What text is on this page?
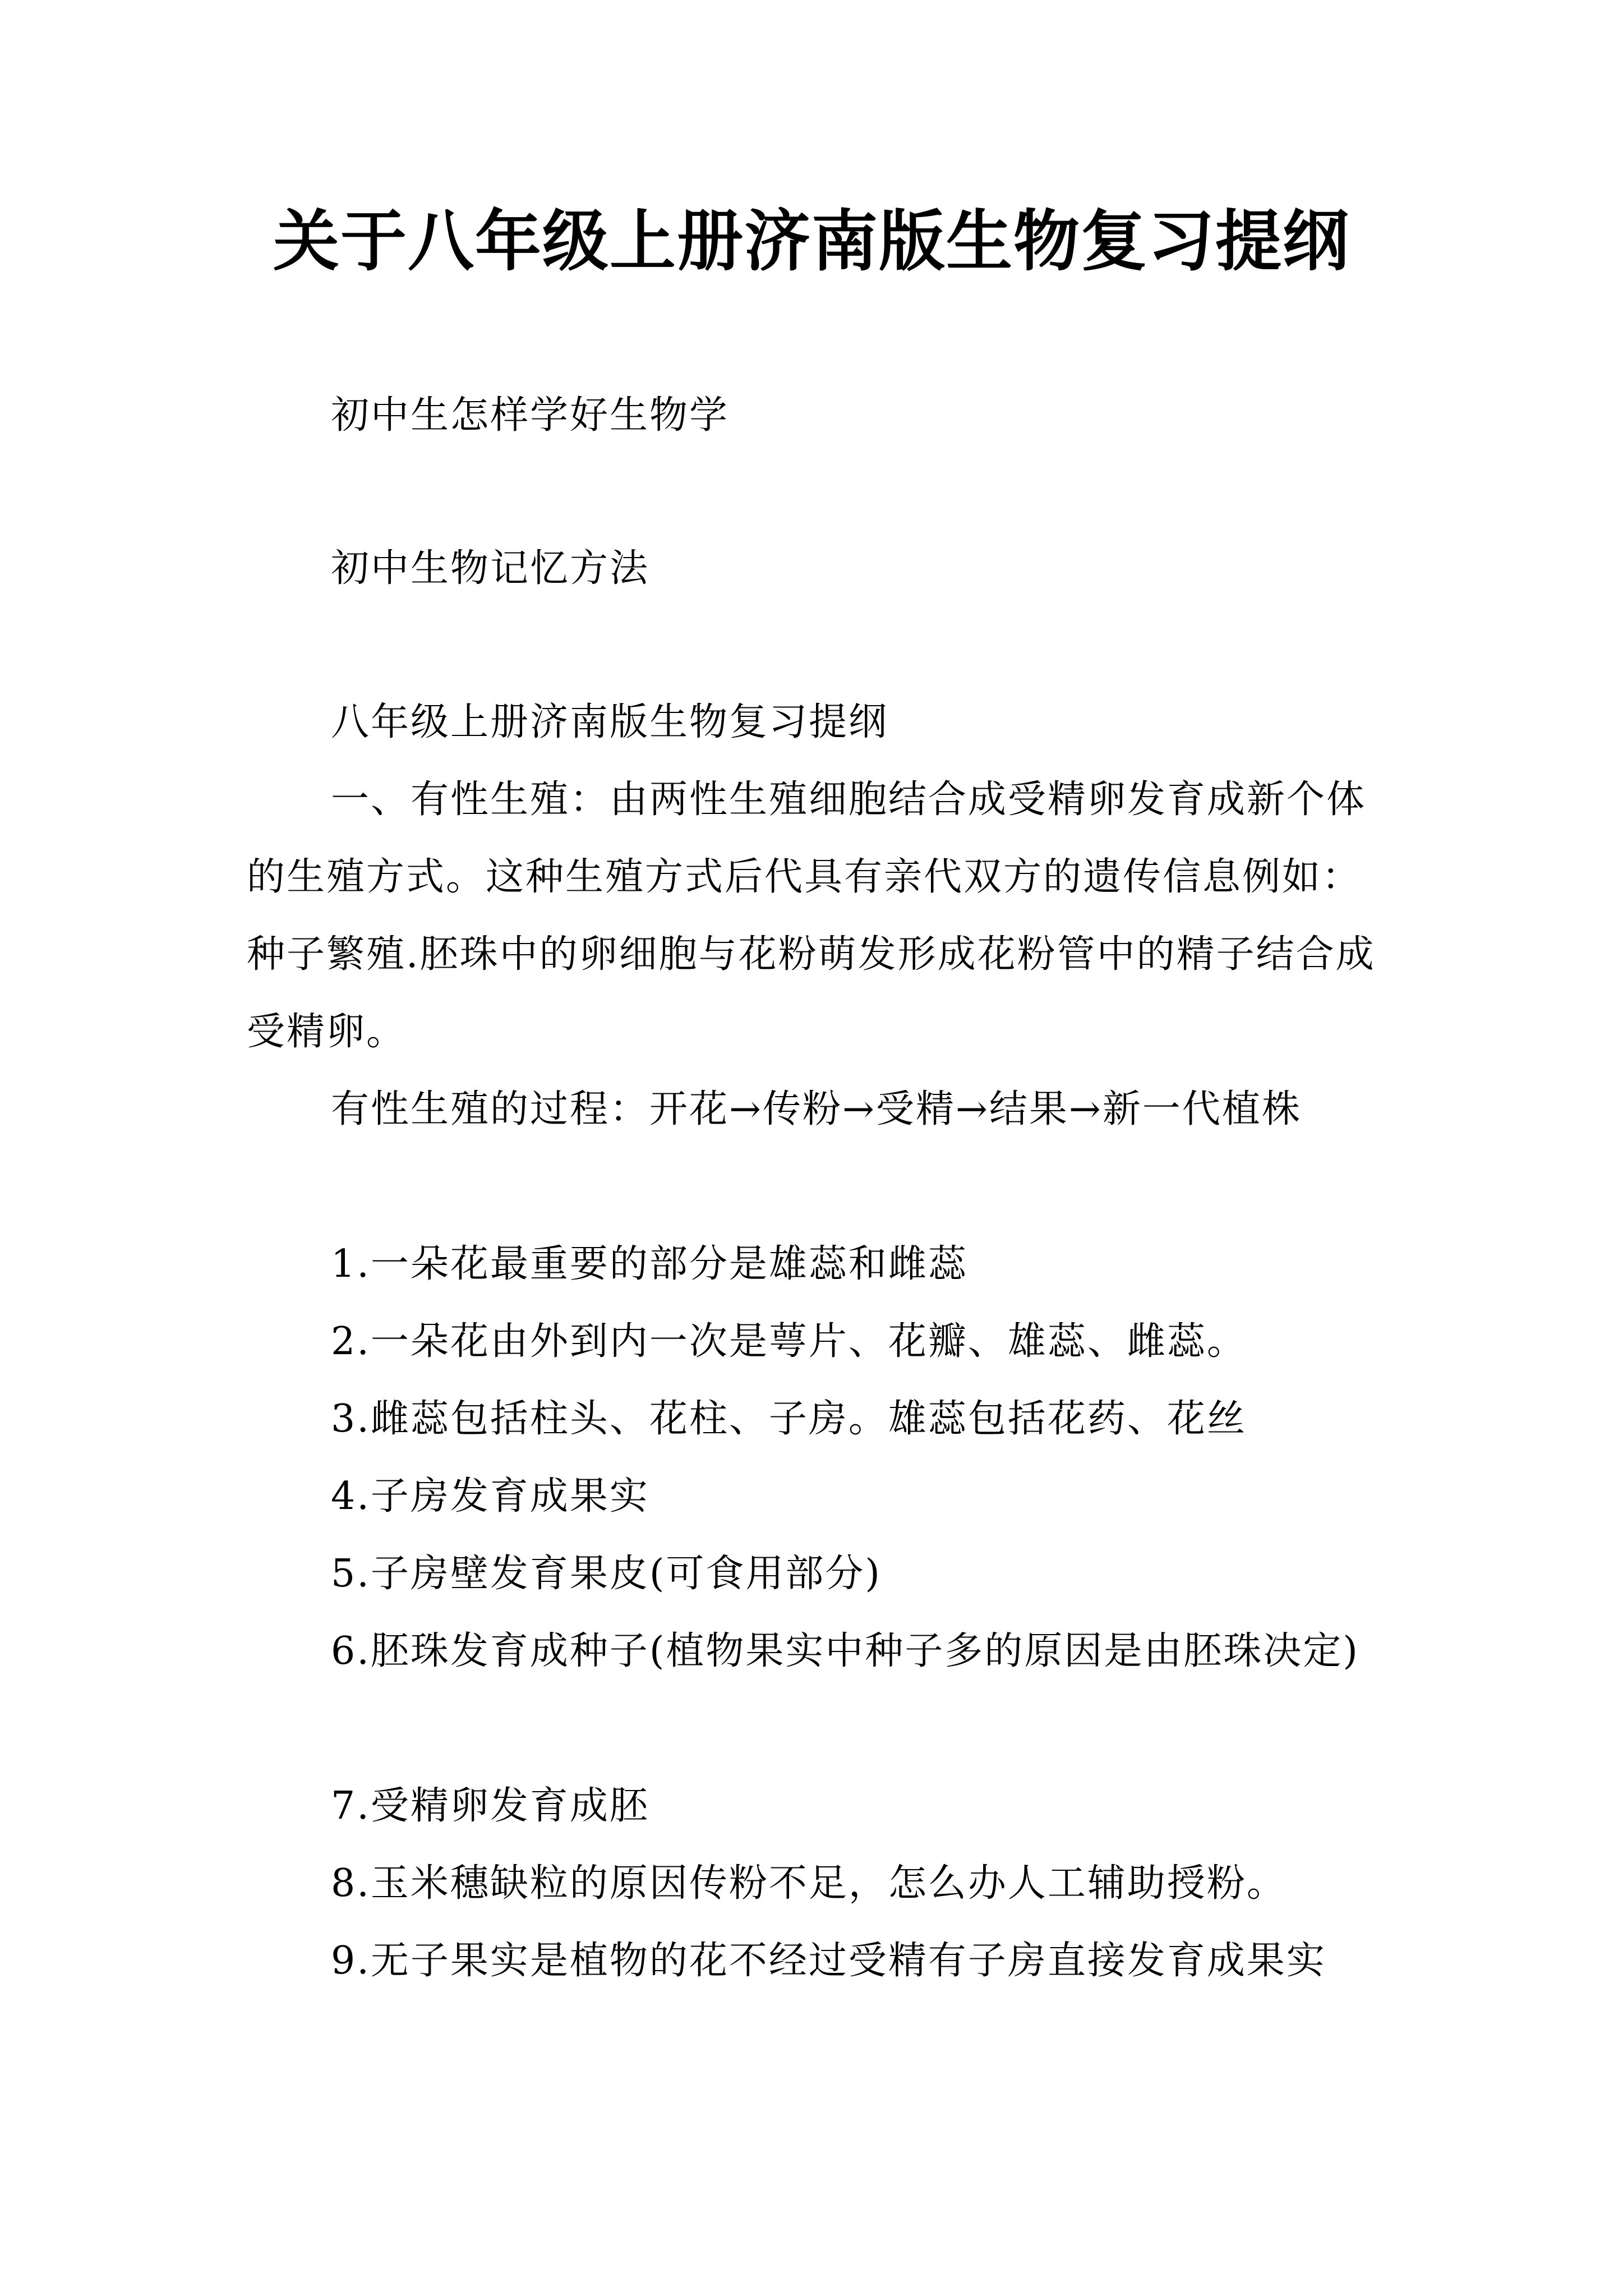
关于八年级上册济南版生物复习提纲

初中生怎样学好生物学

初中生物记忆方法

八年级上册济南版生物复习提纲

一、有性生殖：由两性生殖细胞结合成受精卵发育成新个体的生殖方式。这种生殖方式后代具有亲代双方的遗传信息例如：种子繁殖.胚珠中的卵细胞与花粉萌发形成花粉管中的精子结合成受精卵。

有性生殖的过程：开花→传粉→受精→结果→新一代植株

1.一朵花最重要的部分是雄蕊和雌蕊

2.一朵花由外到内一次是萼片、花瓣、雄蕊、雌蕊。

3.雌蕊包括柱头、花柱、子房。雄蕊包括花药、花丝

4.子房发育成果实

5.子房壁发育果皮(可食用部分)

6.胚珠发育成种子(植物果实中种子多的原因是由胚珠决定)

7.受精卵发育成胚

8.玉米穗缺粒的原因传粉不足，怎么办人工辅助授粉。

9.无子果实是植物的花不经过受精有子房直接发育成果实
